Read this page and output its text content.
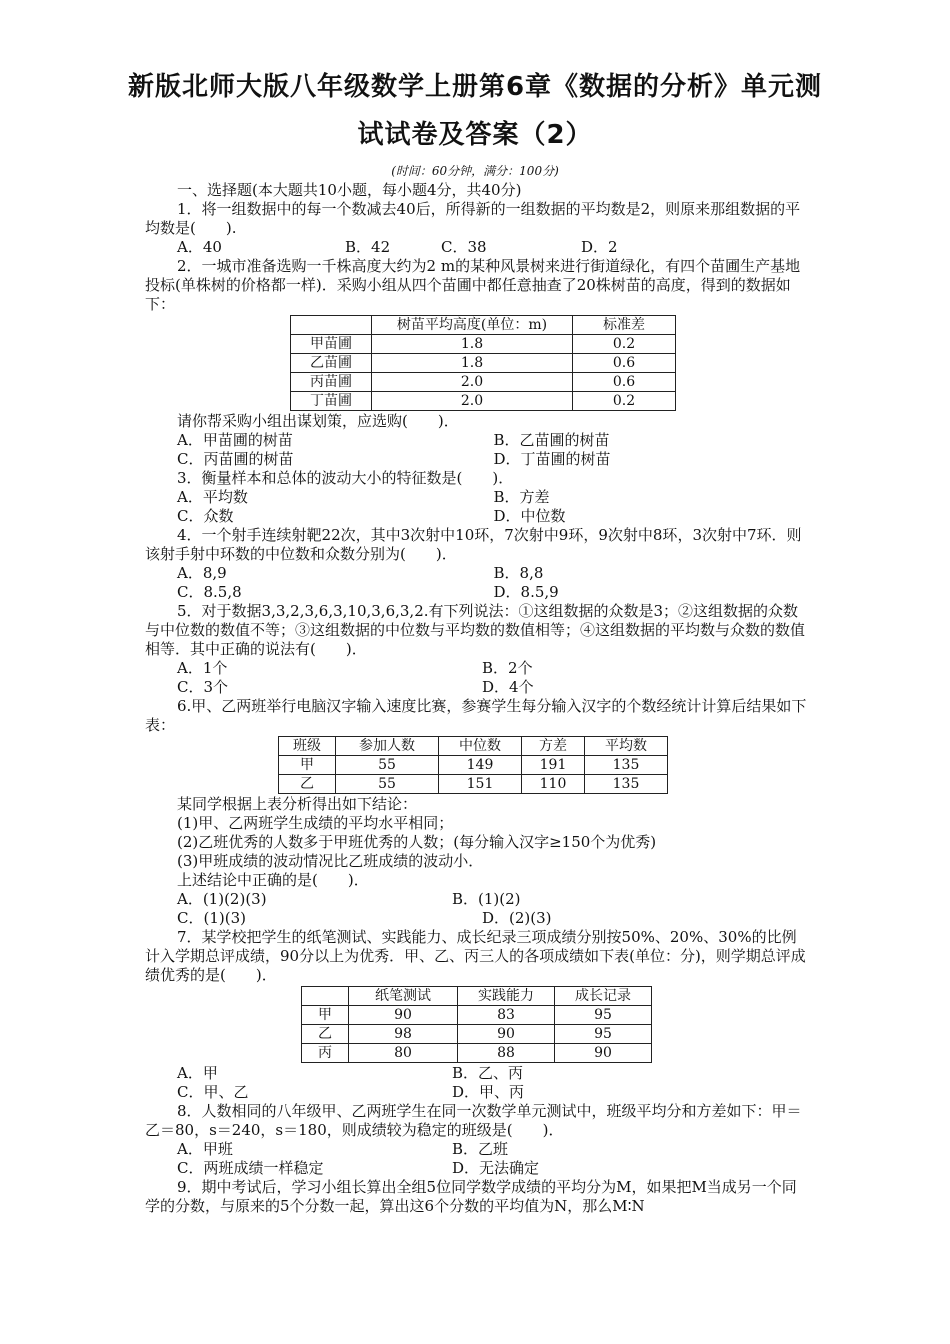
新版北师大版八年级数学上册第6章《数据的分析》单元测
试试卷及答案（2）
(时间：60分钟，满分：100分)

一、选择题(本大题共10小题，每小题4分，共40分)

1．将一组数据中的每一个数减去40后，所得新的一组数据的平均数是2，则原来那组数据的平均数是(　　).

A．40	B．42	C．38	D．2

2．一城市准备选购一千株高度大约为2 m的某种风景树来进行街道绿化，有四个苗圃生产基地投标(单株树的价格都一样)．采购小组从四个苗圃中都任意抽查了20株树苗的高度，得到的数据如下：

	树苗平均高度(单位：m)	标准差
甲苗圃	1.8	0.2
乙苗圃	1.8	0.6
丙苗圃	2.0	0.6
丁苗圃	2.0	0.2

请你帮采购小组出谋划策，应选购(　　)．

A．甲苗圃的树苗	B．乙苗圃的树苗
C．丙苗圃的树苗	D．丁苗圃的树苗

3．衡量样本和总体的波动大小的特征数是(　　)．

A．平均数	B．方差
C．众数	D．中位数

4．一个射手连续射靶22次，其中3次射中10环，7次射中9环，9次射中8环，3次射中7环．则该射手射中环数的中位数和众数分别为(　　)．

A．8,9	B．8,8
C．8.5,8	D．8.5,9

5．对于数据3,3,2,3,6,3,10,3,6,3,2.有下列说法：①这组数据的众数是3；②这组数据的众数与中位数的数值不等；③这组数据的中位数与平均数的数值相等；④这组数据的平均数与众数的数值相等．其中正确的说法有(　　)．

A．1个	B．2个
C．3个	D．4个

6.甲、乙两班举行电脑汉字输入速度比赛，参赛学生每分输入汉字的个数经统计计算后结果如下表：

班级	参加人数	中位数	方差	平均数
甲	55	149	191	135
乙	55	151	110	135

某同学根据上表分析得出如下结论：

(1)甲、乙两班学生成绩的平均水平相同；

(2)乙班优秀的人数多于甲班优秀的人数；(每分输入汉字≥150个为优秀)

(3)甲班成绩的波动情况比乙班成绩的波动小．

上述结论中正确的是(　　)．

A．(1)(2)(3)	B．(1)(2)
C．(1)(3)	D．(2)(3)

7．某学校把学生的纸笔测试、实践能力、成长纪录三项成绩分别按50%、20%、30%的比例计入学期总评成绩，90分以上为优秀．甲、乙、丙三人的各项成绩如下表(单位：分)，则学期总评成绩优秀的是(　　)．

	纸笔测试	实践能力	成长记录
甲	90	83	95
乙	98	90	95
丙	80	88	90
A．甲	B．乙、丙
C．甲、乙	D．甲、丙

8．人数相同的八年级甲、乙两班学生在同一次数学单元测试中，班级平均分和方差如下：甲＝乙＝80，s＝240，s＝180，则成绩较为稳定的班级是(　　)．

A．甲班	B．乙班
C．两班成绩一样稳定	D．无法确定

9．期中考试后，学习小组长算出全组5位同学数学成绩的平均分为M，如果把M当成另一个同学的分数，与原来的5个分数一起，算出这6个分数的平均值为N，那么M∶N
